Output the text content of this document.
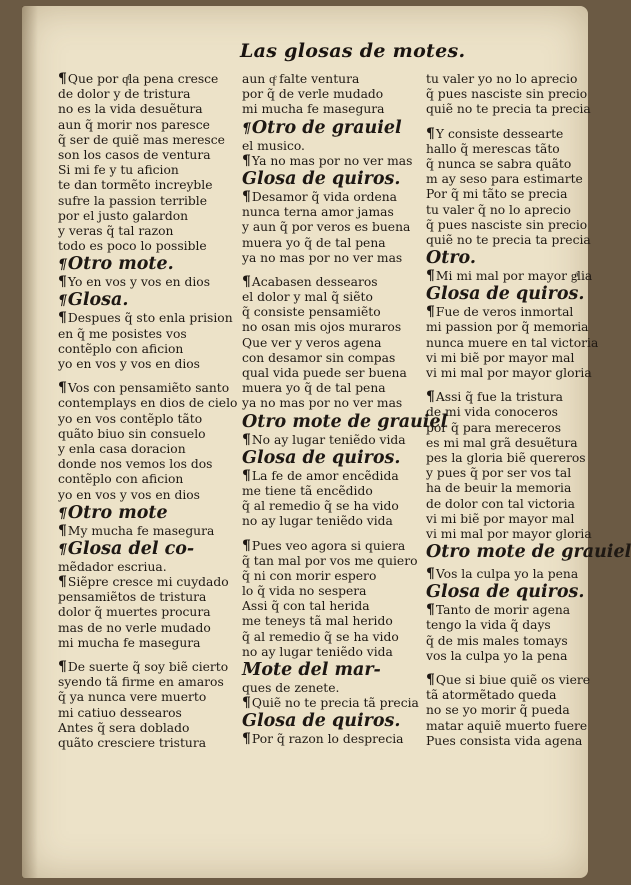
Las glosas de motes.
¶Que por qͭla pena cresce
de dolor y de tristura
no es la vida desuẽtura
aun q̃ morir nos paresce
q̃ ser de quiẽ mas meresce
son los casos de ventura
Si mi fe y tu aficion
te dan tormẽto increyble
sufre la passion terrible
por el justo galardon
y veras q̃ tal razon
todo es poco lo possible
¶Otro mote.
¶Yo en vos y vos en dios
¶Glosa.
¶Despues q̃ sto enla prision
en q̃ me posistes vos
contẽplo con aficion
yo en vos y vos en dios
¶Vos con pensamiẽto santo
contemplays en dios de cielo
yo en vos contẽplo tãto
quãto biuo sin consuelo
y enla casa doracion
donde nos vemos los dos
contẽplo con aficion
yo en vos y vos en dios
¶Otro mote
¶My mucha fe masegura
¶Glosa del co-
mẽdador escriua.
¶Siẽpre cresce mi cuydado
pensamiẽtos de tristura
dolor q̃ muertes procura
mas de no verle mudado
mi mucha fe masegura
¶De suerte q̃ soy biẽ cierto
syendo tã firme en amaros
q̃ ya nunca vere muerto
mi catiuo dessearos
Antes q̃ sera doblado
quãto cresciere tristura
aun qͤ falte ventura
por q̃ de verle mudado
mi mucha fe masegura
¶Otro de grauiel
el musico.
¶Ya no mas por no ver mas
Glosa de quiros.
¶Desamor q̃ vida ordena
nunca terna amor jamas
y aun q̃ por veros es buena
muera yo q̃ de tal pena
ya no mas por no ver mas
¶Acabasen dessearos
el dolor y mal q̃ siẽto
q̃ consiste pensamiẽto
no osan mis ojos muraros
Que ver y veros agena
con desamor sin compas
qual vida puede ser buena
muera yo q̃ de tal pena
ya no mas por no ver mas
Otro mote de grauiel
¶No ay lugar teniẽdo vida
Glosa de quiros.
¶La fe de amor encẽdida
me tiene tã encẽdido
q̃ al remedio q̃ se ha vido
no ay lugar teniẽdo vida
¶Pues veo agora si quiera
q̃ tan mal por vos me quiero
q̃ ni con morir espero
lo q̃ vida no sespera
Assi q̃ con tal herida
me teneys tã mal herido
q̃ al remedio q̃ se ha vido
no ay lugar teniẽdo vida
Mote del mar-
ques de zenete.
¶Quiẽ no te precia tã precia
Glosa de quiros.
¶Por q̃ razon lo desprecia
tu valer yo no lo aprecio
q̃ pues nasciste sin precio
quiẽ no te precia ta precia
¶Y consiste dessearte
hallo q̃ merescas tãto
q̃ nunca se sabra quãto
m ay seso para estimarte
Por q̃ mi tãto se precia
tu valer q̃ no lo aprecio
q̃ pues nasciste sin precio
quiẽ no te precia ta precia
Otro.
¶Mi mi mal por mayor gͣlia
Glosa de quiros.
¶Fue de veros inmortal
mi passion por q̃ memoria
nunca muere en tal victoria
vi mi biẽ por mayor mal
vi mi mal por mayor gloria
¶Assi q̃ fue la tristura
de mi vida conoceros
por q̃ para mereceros
es mi mal grã desuẽtura
pes la gloria biẽ quereros
y pues q̃ por ser vos tal
ha de beuir la memoria
de dolor con tal victoria
vi mi biẽ por mayor mal
vi mi mal por mayor gloria
Otro mote de grauiel
¶Vos la culpa yo la pena
Glosa de quiros.
¶Tanto de morir agena
tengo la vida q̃ days
q̃ de mis males tomays
vos la culpa yo la pena
¶Que si biue quiẽ os viere
tã atormẽtado queda
no se yo morir q̃ pueda
matar aquiẽ muerto fuere
Pues consista vida agena
